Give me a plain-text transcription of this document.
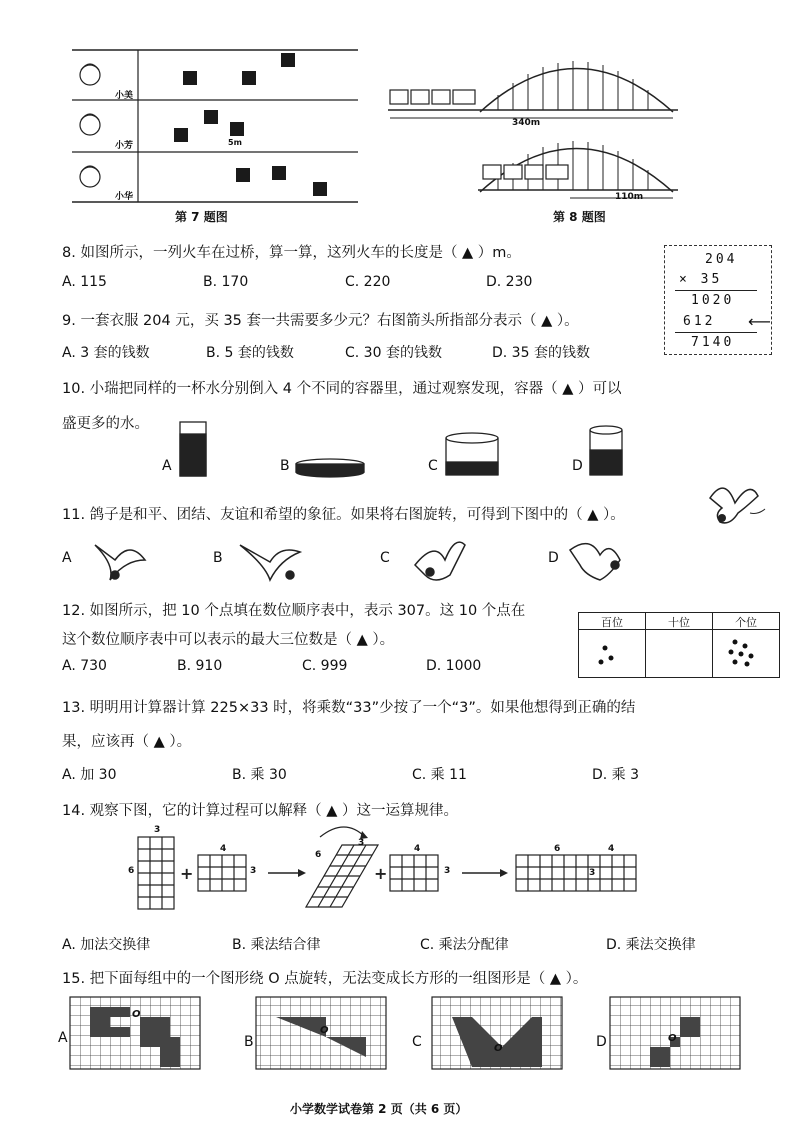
小美
小芳
小华
5m
第 7 题图
340m
110m
第 8 题图
8. 如图所示，一列火车在过桥，算一算，这列火车的长度是（ ▲ ）m。
A. 115	B. 170	C. 220	D. 230
204
× 35
1020
612
7140
⟵
9. 一套衣服 204 元，买 35 套一共需要多少元？右图箭头所指部分表示（ ▲ ）。
A. 3 套的钱数	B. 5 套的钱数	C. 30 套的钱数	D. 35 套的钱数
10. 小瑞把同样的一杯水分别倒入 4 个不同的容器里，通过观察发现，容器（ ▲ ）可以
盛更多的水。
A	B	C	D
11. 鸽子是和平、团结、友谊和希望的象征。如果将右图旋转，可得到下图中的（ ▲ ）。
A	B	C	D
12. 如图所示，把 10 个点填在数位顺序表中，表示 307。这 10 个点在
这个数位顺序表中可以表示的最大三位数是（ ▲ ）。
A. 730	B. 910	C. 999	D. 1000
百位	十位	个位
13. 明明用计算器计算 225×33 时，将乘数“33”少按了一个“3”。如果他想得到正确的结
果，应该再（ ▲ ）。
A. 加 30	B. 乘 30	C. 乘 11	D. 乘 3
14. 观察下图，它的计算过程可以解释（ ▲ ）这一运算规律。
+	+
3
6
4
3
6
3
4
3
6	4
3
A. 加法交换律	B. 乘法结合律	C. 乘法分配律	D. 乘法交换律
15. 把下面每组中的一个图形绕 O 点旋转，无法变成长方形的一组图形是（ ▲ ）。
O
O
O
O
A	B	C	D
小学数学试卷第 2 页（共 6 页）
